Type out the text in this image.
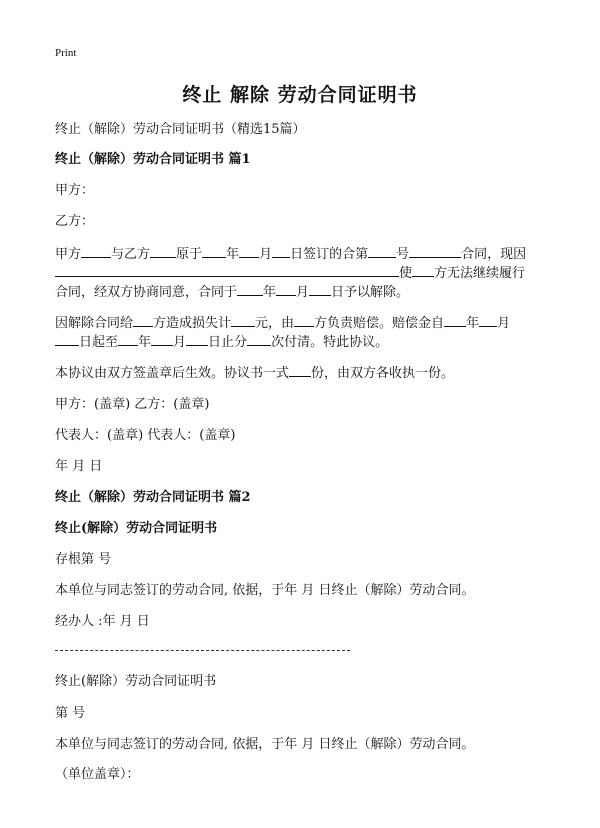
Print
终止 解除 劳动合同证明书
终止（解除）劳动合同证明书（精选15篇）
终止（解除）劳动合同证明书 篇1
甲方：
乙方：
甲方 与乙方 原于 年 月 日签订的合第 号	合同，现因
使 方无法继续履行
合同，经双方协商同意，合同于 年 月 日予以解除。
因解除合同给 方造成损失计 元，由 方负责赔偿。赔偿金自 年 月
日起至 年 月 日止分 次付清。特此协议。
本协议由双方签盖章后生效。协议书一式 份，由双方各收执一份。
甲方：(盖章) 乙方：(盖章)
代表人：(盖章) 代表人：(盖章)
年 月 日
终止（解除）劳动合同证明书 篇2
终止(解除）劳动合同证明书
存根第 号
本单位与同志签订的劳动合同, 依据，于年 月 日终止（解除）劳动合同。
经办人 :年 月 日
终止(解除）劳动合同证明书
第 号
本单位与同志签订的劳动合同, 依据，于年 月 日终止（解除）劳动合同。
（单位盖章）：
